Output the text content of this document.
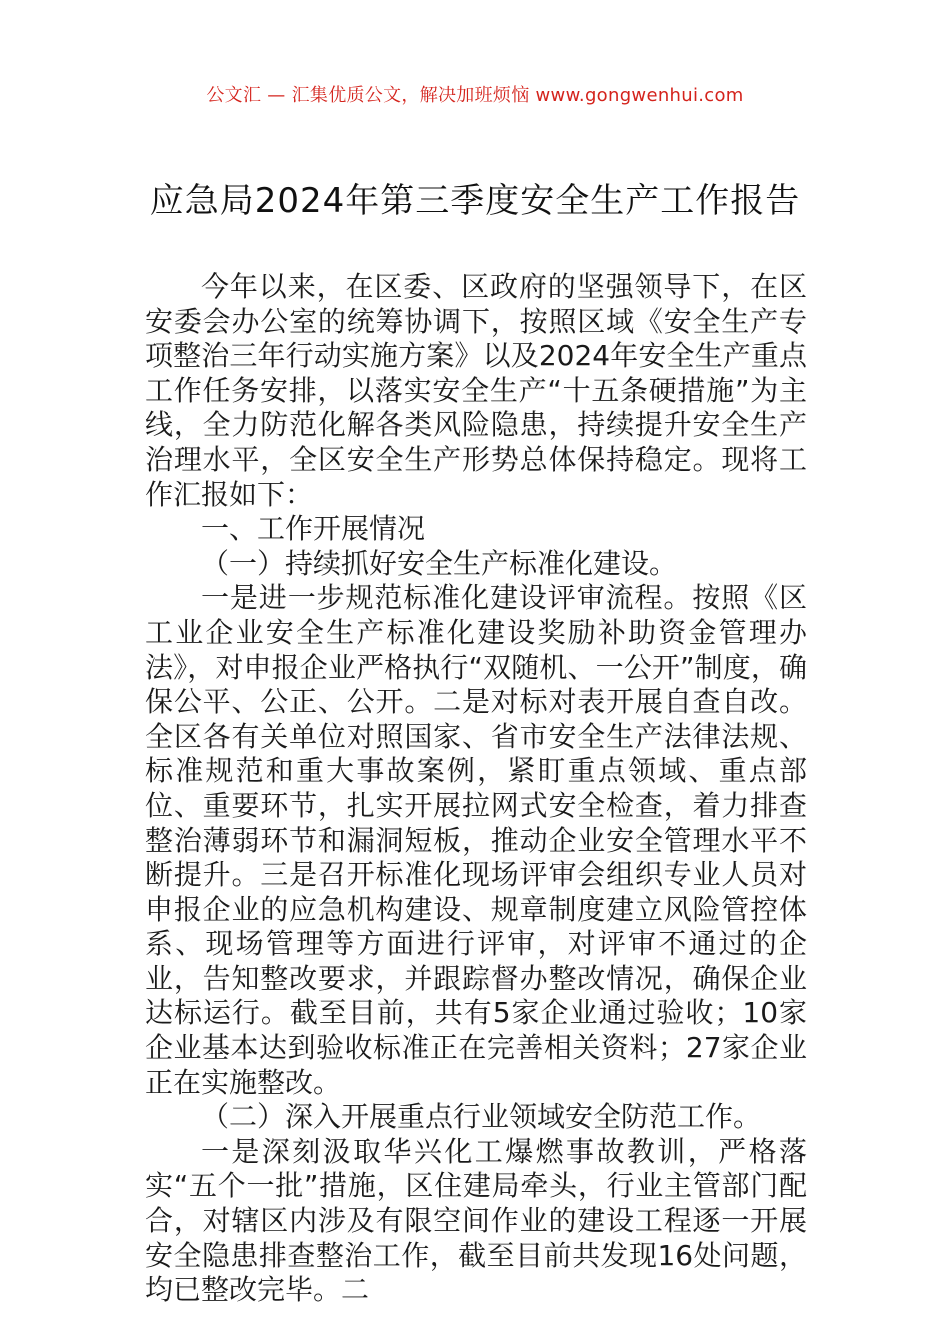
公文汇 — 汇集优质公文，解决加班烦恼 www.gongwenhui.com
应急局2024年第三季度安全生产工作报告

今年以来，在区委、区政府的坚强领导下，在区安委会办公室的统筹协调下，按照区域《安全生产专项整治三年行动实施方案》以及2024年安全生产重点工作任务安排，以落实安全生产“十五条硬措施”为主线，全力防范化解各类风险隐患，持续提升安全生产治理水平，全区安全生产形势总体保持稳定。现将工作汇报如下：

一、工作开展情况

（一）持续抓好安全生产标准化建设。

一是进一步规范标准化建设评审流程。按照《区工业企业安全生产标准化建设奖励补助资金管理办法》，对申报企业严格执行“双随机、一公开”制度，确保公平、公正、公开。二是对标对表开展自查自改。全区各有关单位对照国家、省市安全生产法律法规、标准规范和重大事故案例，紧盯重点领域、重点部位、重要环节，扎实开展拉网式安全检查，着力排查整治薄弱环节和漏洞短板，推动企业安全管理水平不断提升。三是召开标准化现场评审会组织专业人员对申报企业的应急机构建设、规章制度建立风险管控体系、现场管理等方面进行评审，对评审不通过的企业，告知整改要求，并跟踪督办整改情况，确保企业达标运行。截至目前，共有5家企业通过验收；10家企业基本达到验收标准正在完善相关资料；27家企业正在实施整改。

（二）深入开展重点行业领域安全防范工作。

一是深刻汲取华兴化工爆燃事故教训，严格落实“五个一批”措施，区住建局牵头，行业主管部门配合，对辖区内涉及有限空间作业的建设工程逐一开展安全隐患排查整治工作，截至目前共发现16处问题，均已整改完毕。二
